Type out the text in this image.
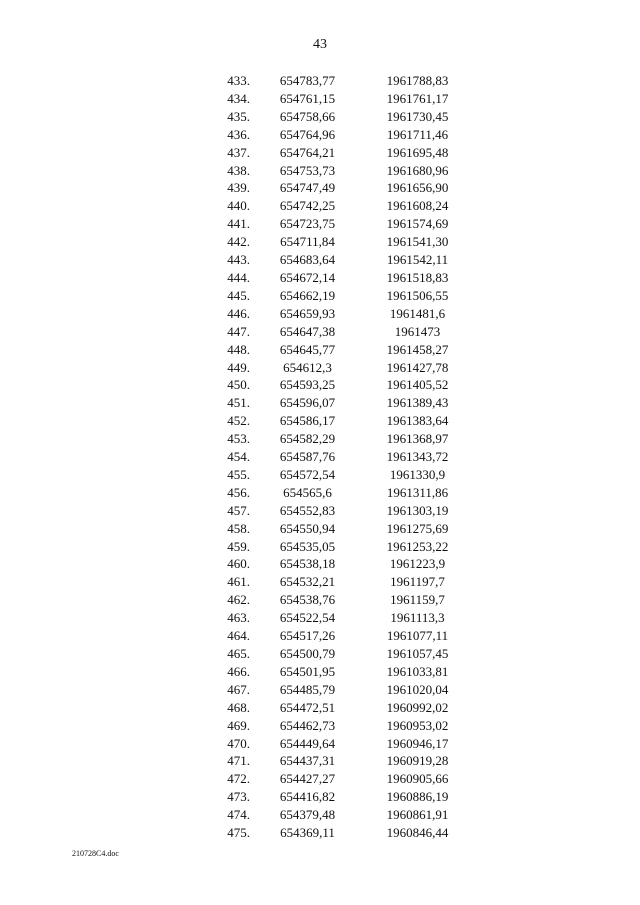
43
433.	654783,77	1961788,83
434.	654761,15	1961761,17
435.	654758,66	1961730,45
436.	654764,96	1961711,46
437.	654764,21	1961695,48
438.	654753,73	1961680,96
439.	654747,49	1961656,90
440.	654742,25	1961608,24
441.	654723,75	1961574,69
442.	654711,84	1961541,30
443.	654683,64	1961542,11
444.	654672,14	1961518,83
445.	654662,19	1961506,55
446.	654659,93	1961481,6
447.	654647,38	1961473
448.	654645,77	1961458,27
449.	654612,3	1961427,78
450.	654593,25	1961405,52
451.	654596,07	1961389,43
452.	654586,17	1961383,64
453.	654582,29	1961368,97
454.	654587,76	1961343,72
455.	654572,54	1961330,9
456.	654565,6	1961311,86
457.	654552,83	1961303,19
458.	654550,94	1961275,69
459.	654535,05	1961253,22
460.	654538,18	1961223,9
461.	654532,21	1961197,7
462.	654538,76	1961159,7
463.	654522,54	1961113,3
464.	654517,26	1961077,11
465.	654500,79	1961057,45
466.	654501,95	1961033,81
467.	654485,79	1961020,04
468.	654472,51	1960992,02
469.	654462,73	1960953,02
470.	654449,64	1960946,17
471.	654437,31	1960919,28
472.	654427,27	1960905,66
473.	654416,82	1960886,19
474.	654379,48	1960861,91
475.	654369,11	1960846,44
210728C4.doc
